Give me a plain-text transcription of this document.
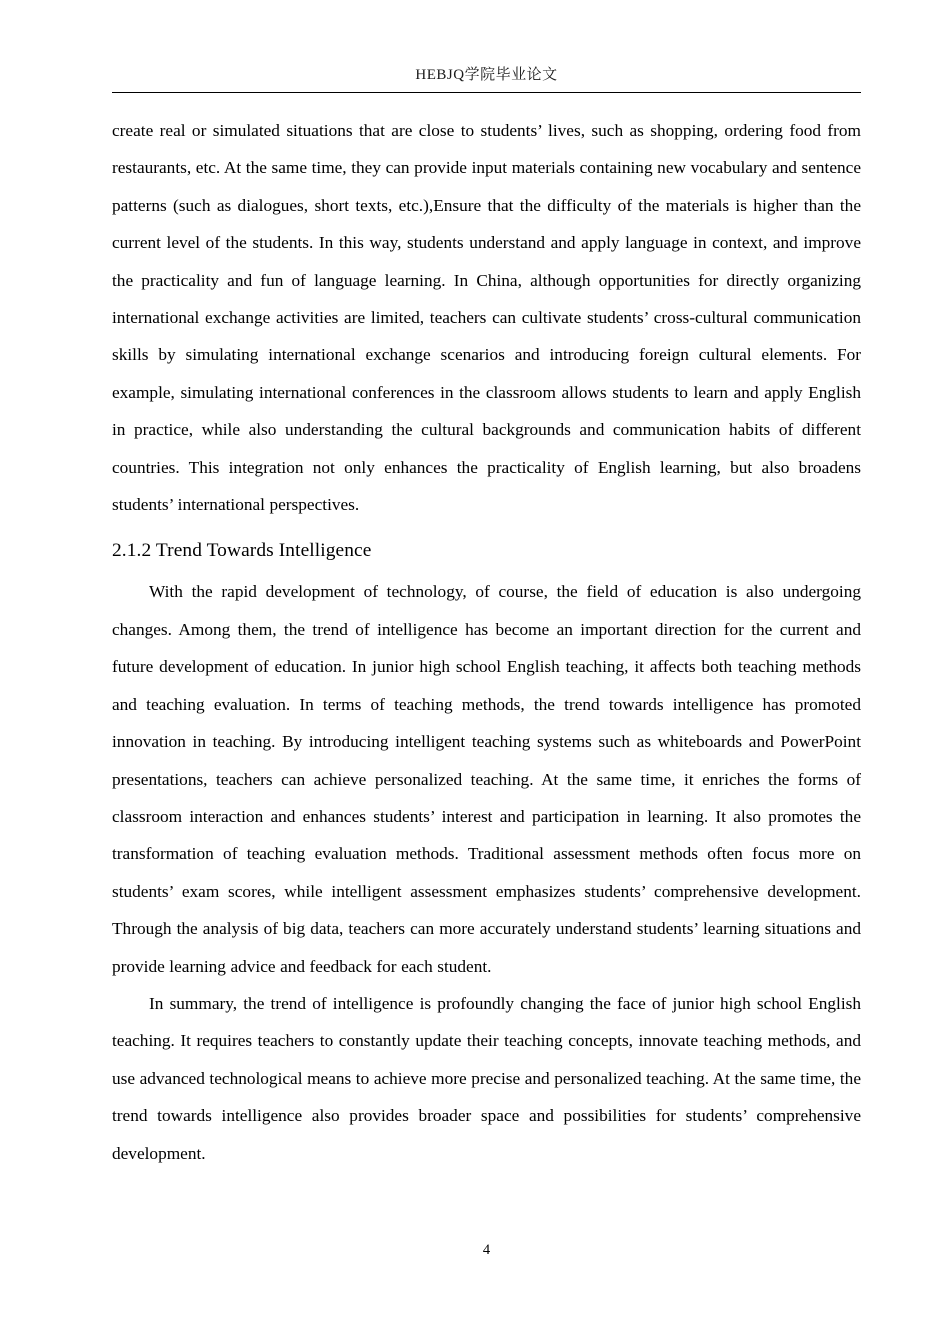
HEBJQ学院毕业论文

create real or simulated situations that are close to students’ lives, such as shopping, ordering food from restaurants, etc. At the same time, they can provide input materials containing new vocabulary and sentence patterns (such as dialogues, short texts, etc.),Ensure that the difficulty of the materials is higher than the current level of the students. In this way, students understand and apply language in context, and improve the practicality and fun of language learning. In China, although opportunities for directly organizing international exchange activities are limited, teachers can cultivate students’ cross-cultural communication skills by simulating international exchange scenarios and introducing foreign cultural elements. For example, simulating international conferences in the classroom allows students to learn and apply English in practice, while also understanding the cultural backgrounds and communication habits of different countries. This integration not only enhances the practicality of English learning, but also broadens students’ international perspectives.

2.1.2 Trend Towards Intelligence

With the rapid development of technology, of course, the field of education is also undergoing changes. Among them, the trend of intelligence has become an important direction for the current and future development of education. In junior high school English teaching, it affects both teaching methods and teaching evaluation. In terms of teaching methods, the trend towards intelligence has promoted innovation in teaching. By introducing intelligent teaching systems such as whiteboards and PowerPoint presentations, teachers can achieve personalized teaching. At the same time, it enriches the forms of classroom interaction and enhances students’ interest and participation in learning. It also promotes the transformation of teaching evaluation methods. Traditional assessment methods often focus more on students’ exam scores, while intelligent assessment emphasizes students’ comprehensive development. Through the analysis of big data, teachers can more accurately understand students’ learning situations and provide learning advice and feedback for each student.

In summary, the trend of intelligence is profoundly changing the face of junior high school English teaching. It requires teachers to constantly update their teaching concepts, innovate teaching methods, and use advanced technological means to achieve more precise and personalized teaching. At the same time, the trend towards intelligence also provides broader space and possibilities for students’ comprehensive development.

4
